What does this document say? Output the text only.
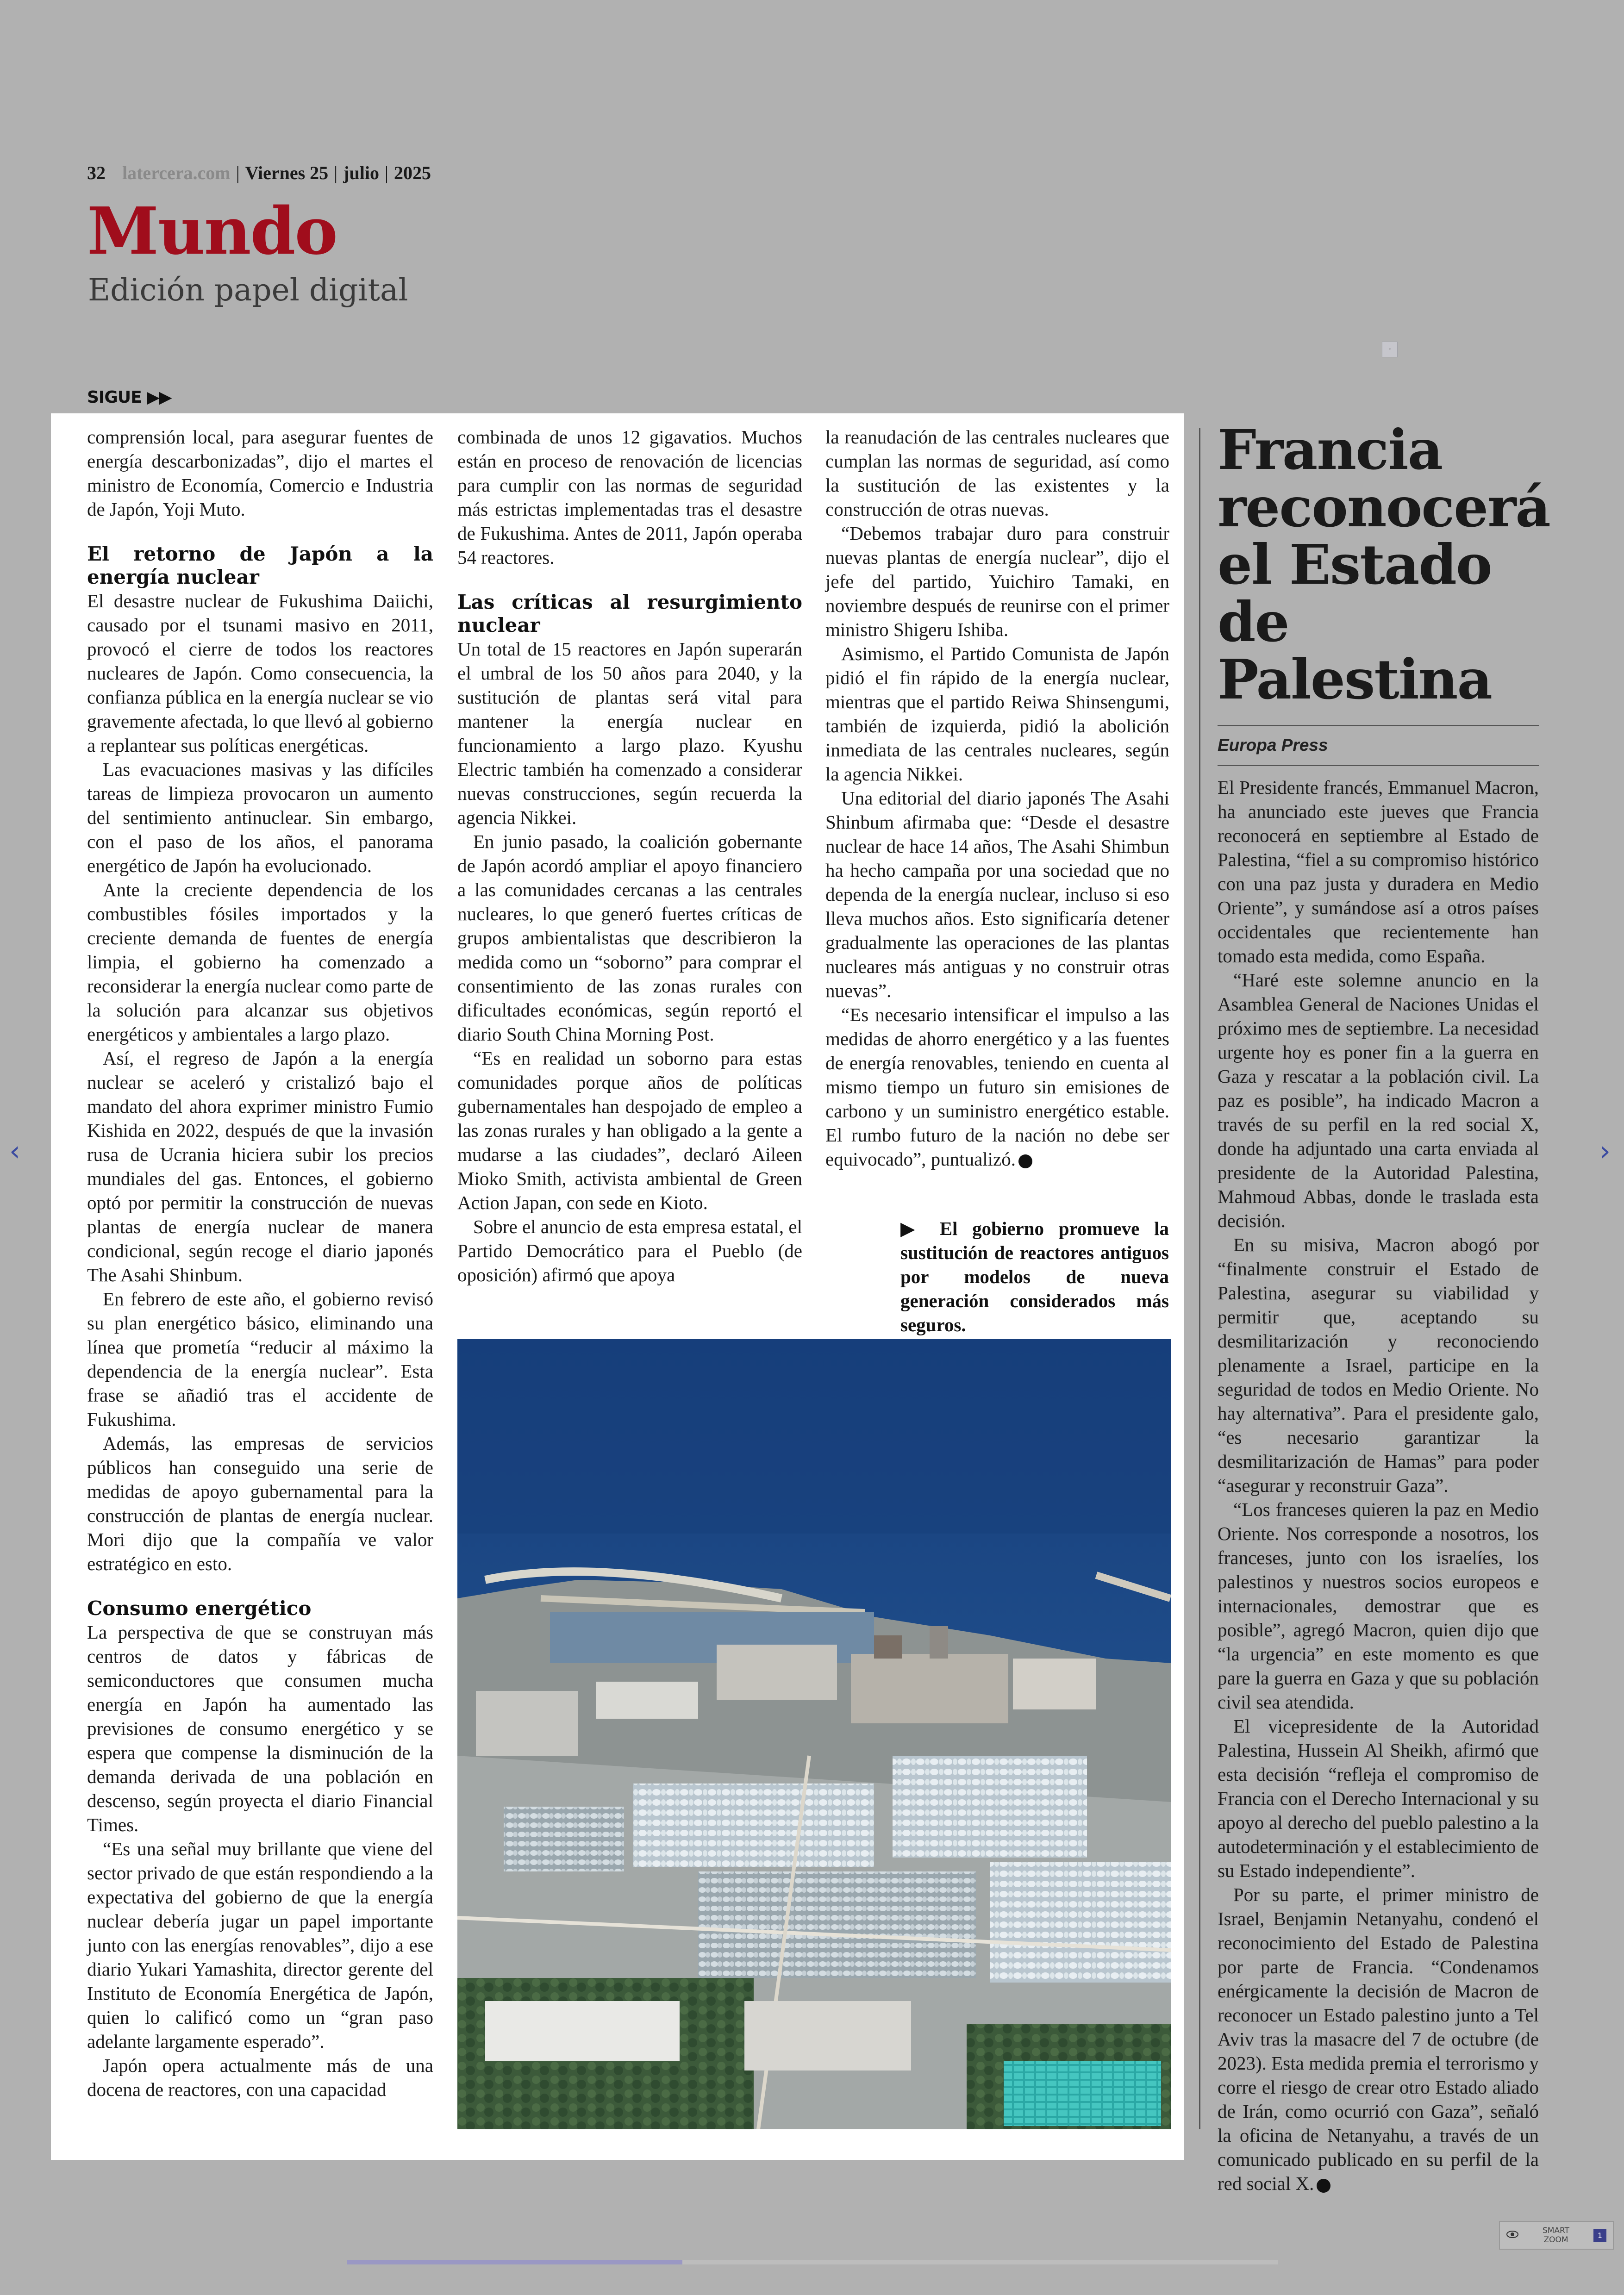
32 latercera.com | Viernes 25 | julio | 2025
Mundo
Edición papel digital
◦
SIGUE ▶▶

comprensión local, para asegurar fuentes de energía descarbonizadas”, dijo el martes el ministro de Economía, Comercio e Industria de Japón, Yoji Muto.

El retorno de Japón a la energía nuclear

El desastre nuclear de Fukushima Daiichi, causado por el tsunami masivo en 2011, provocó el cierre de todos los reactores nucleares de Japón. Como consecuencia, la confianza pública en la energía nuclear se vio gravemente afectada, lo que llevó al gobierno a replantear sus políticas energéticas.

Las evacuaciones masivas y las difíciles tareas de limpieza provocaron un aumento del sentimiento antinuclear. Sin embargo, con el paso de los años, el panorama energético de Japón ha evolucionado.

Ante la creciente dependencia de los combustibles fósiles importados y la creciente demanda de fuentes de energía limpia, el gobierno ha comenzado a reconsiderar la energía nuclear como parte de la solución para alcanzar sus objetivos energéticos y ambientales a largo plazo.

Así, el regreso de Japón a la energía nuclear se aceleró y cristalizó bajo el mandato del ahora exprimer ministro Fumio Kishida en 2022, después de que la invasión rusa de Ucrania hiciera subir los precios mundiales del gas. Entonces, el gobierno optó por permitir la construcción de nuevas plantas de energía nuclear de manera condicional, según recoge el diario japonés The Asahi Shinbum.

En febrero de este año, el gobierno revisó su plan energético básico, eliminando una línea que prometía “reducir al máximo la dependencia de la energía nuclear”. Esta frase se añadió tras el accidente de Fukushima.

Además, las empresas de servicios públicos han conseguido una serie de medidas de apoyo gubernamental para la construcción de plantas de energía nuclear. Mori dijo que la compañía ve valor estratégico en esto.

Consumo energético

La perspectiva de que se construyan más centros de datos y fábricas de semiconductores que consumen mucha energía en Japón ha aumentado las previsiones de consumo energético y se espera que compense la disminución de la demanda derivada de una población en descenso, según proyecta el diario Financial Times.

“Es una señal muy brillante que viene del sector privado de que están respondiendo a la expectativa del gobierno de que la energía nuclear debería jugar un papel importante junto con las energías renovables”, dijo a ese diario Yukari Yamashita, director gerente del Instituto de Economía Energética de Japón, quien lo calificó como un “gran paso adelante largamente esperado”.

Japón opera actualmente más de una docena de reactores, con una capacidad

combinada de unos 12 gigavatios. Muchos están en proceso de renovación de licencias para cumplir con las normas de seguridad más estrictas implementadas tras el desastre de Fukushima. Antes de 2011, Japón operaba 54 reactores.

Las críticas al resurgimiento nuclear

Un total de 15 reactores en Japón superarán el umbral de los 50 años para 2040, y la sustitución de plantas será vital para mantener la energía nuclear en funcionamiento a largo plazo. Kyushu Electric también ha comenzado a considerar nuevas construcciones, según recuerda la agencia Nikkei.

En junio pasado, la coalición gobernante de Japón acordó ampliar el apoyo financiero a las comunidades cercanas a las centrales nucleares, lo que generó fuertes críticas de grupos ambientalistas que describieron la medida como un “soborno” para comprar el consentimiento de las zonas rurales con dificultades económicas, según reportó el diario South China Morning Post.

“Es en realidad un soborno para estas comunidades porque años de políticas gubernamentales han despojado de empleo a las zonas rurales y han obligado a la gente a mudarse a las ciudades”, declaró Aileen Mioko Smith, activista ambiental de Green Action Japan, con sede en Kioto.

Sobre el anuncio de esta empresa estatal, el Partido Democrático para el Pueblo (de oposición) afirmó que apoya

la reanudación de las centrales nucleares que cumplan las normas de seguridad, así como la sustitución de las existentes y la construcción de otras nuevas.

“Debemos trabajar duro para construir nuevas plantas de energía nuclear”, dijo el jefe del partido, Yuichiro Tamaki, en noviembre después de reunirse con el primer ministro Shigeru Ishiba.

Asimismo, el Partido Comunista de Japón pidió el fin rápido de la energía nuclear, mientras que el partido Reiwa Shinsengumi, también de izquierda, pidió la abolición inmediata de las centrales nucleares, según la agencia Nikkei.

Una editorial del diario japonés The Asahi Shinbum afirmaba que: “Desde el desastre nuclear de hace 14 años, The Asahi Shimbun ha hecho campaña por una sociedad que no dependa de la energía nuclear, incluso si eso lleva muchos años. Esto significaría detener gradualmente las operaciones de las plantas nucleares más antiguas y no construir otras nuevas”.

“Es necesario intensificar el impulso a las medidas de ahorro energético y a las fuentes de energía renovables, teniendo en cuenta al mismo tiempo un futuro sin emisiones de carbono y un suministro energético estable. El rumbo futuro de la nación no debe ser equivocado”, puntualizó.

▶ El gobierno promueve la sustitución de reactores antiguos por modelos de nueva generación considerados más seguros.
Francia reconocerá el Estado de Palestina
Europa Press

El Presidente francés, Emmanuel Macron, ha anunciado este jueves que Francia reconocerá en septiembre al Estado de Palestina, “fiel a su compromiso histórico con una paz justa y duradera en Medio Oriente”, y sumándose así a otros países occidentales que recientemente han tomado esta medida, como España.

“Haré este solemne anuncio en la Asamblea General de Naciones Unidas el próximo mes de septiembre. La necesidad urgente hoy es poner fin a la guerra en Gaza y rescatar a la población civil. La paz es posible”, ha indicado Macron a través de su perfil en la red social X, donde ha adjuntado una carta enviada al presidente de la Autoridad Palestina, Mahmoud Abbas, donde le traslada esta decisión.

En su misiva, Macron abogó por “finalmente construir el Estado de Palestina, asegurar su viabilidad y permitir que, aceptando su desmilitarización y reconociendo plenamente a Israel, participe en la seguridad de todos en Medio Oriente. No hay alternativa”. Para el presidente galo, “es necesario garantizar la desmilitarización de Hamas” para poder “asegurar y reconstruir Gaza”.

“Los franceses quieren la paz en Medio Oriente. Nos corresponde a nosotros, los franceses, junto con los israelíes, los palestinos y nuestros socios europeos e internacionales, demostrar que es posible”, agregó Macron, quien dijo que “la urgencia” en este momento es que pare la guerra en Gaza y que su población civil sea atendida.

El vicepresidente de la Autoridad Palestina, Hussein Al Sheikh, afirmó que esta decisión “refleja el compromiso de Francia con el Derecho Internacional y su apoyo al derecho del pueblo palestino a la autodeterminación y el establecimiento de su Estado independiente”.

Por su parte, el primer ministro de Israel, Benjamin Netanyahu, condenó el reconocimiento del Estado de Palestina por parte de Francia. “Condenamos enérgicamente la decisión de Macron de reconocer un Estado palestino junto a Tel Aviv tras la masacre del 7 de octubre (de 2023). Esta medida premia el terrorismo y corre el riesgo de crear otro Estado aliado de Irán, como ocurrió con Gaza”, señaló la oficina de Netanyahu, a través de un comunicado publicado en su perfil de la red social X.

‹	›
SMART
ZOOM	1
